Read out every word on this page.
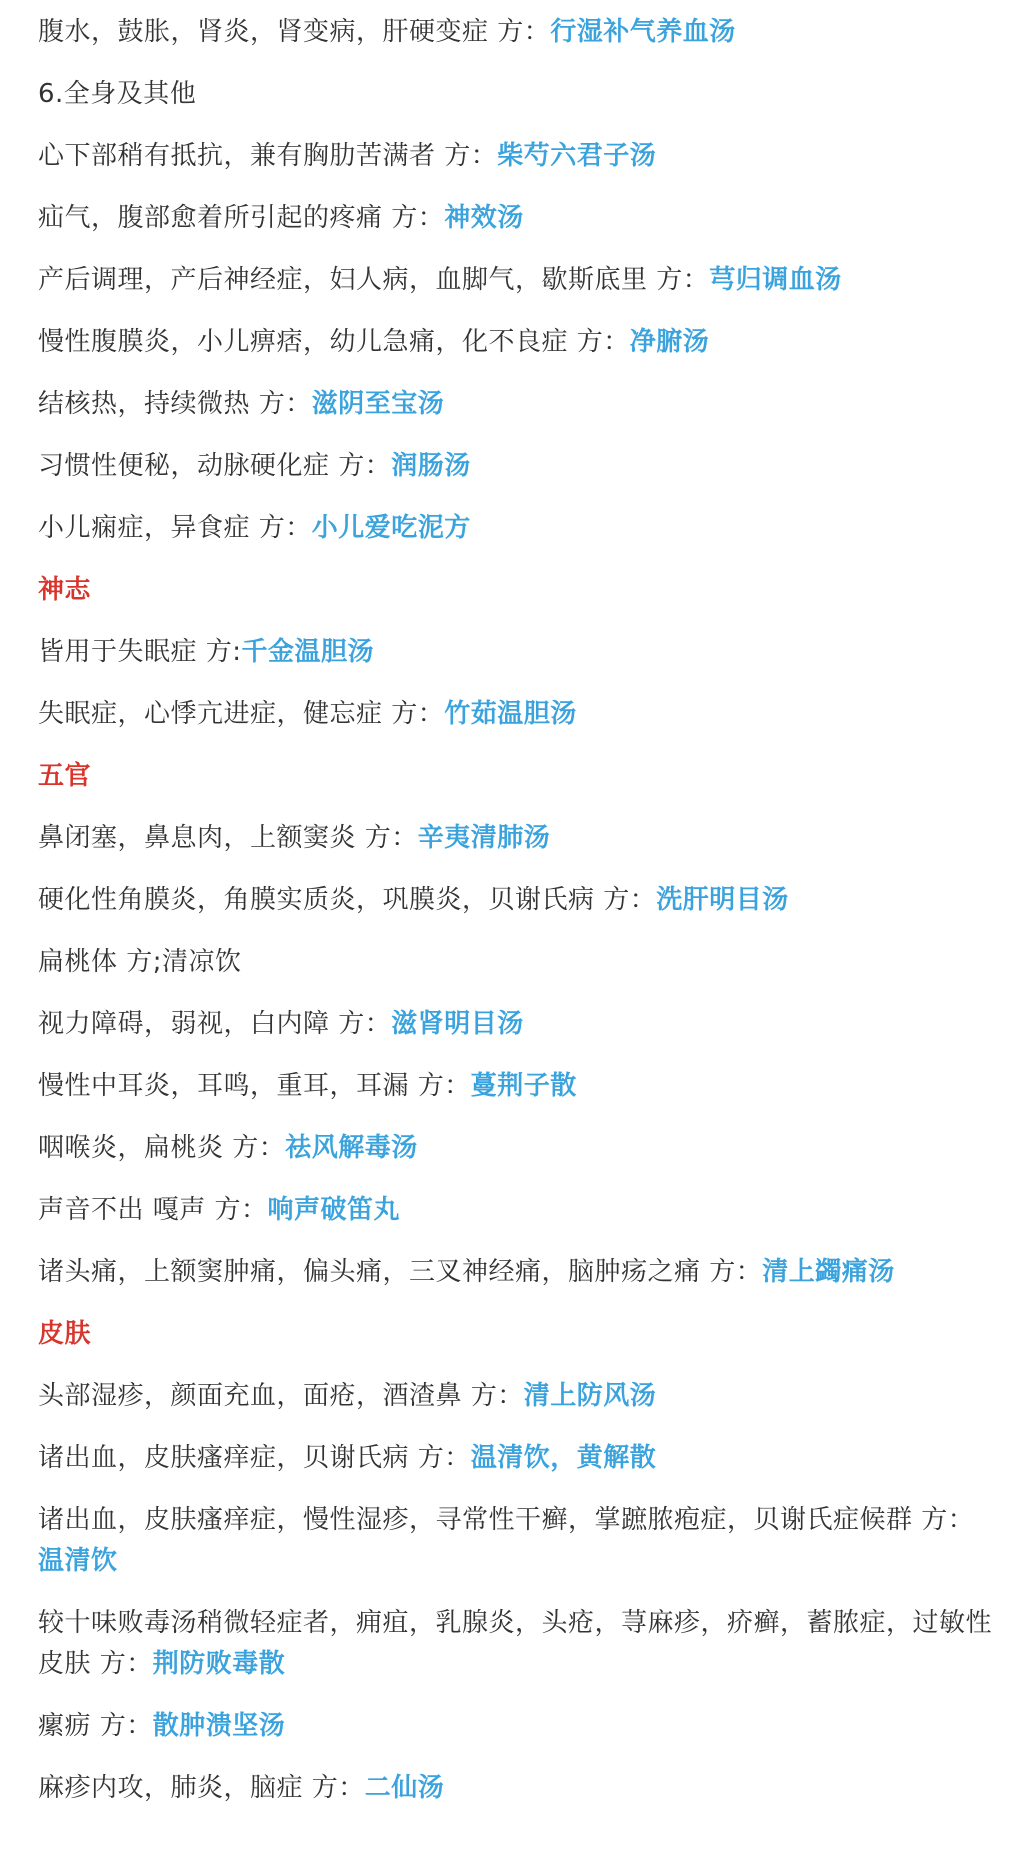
腹水，鼓胀，肾炎，肾变病，肝硬变症 方：行湿补气养血汤
6.全身及其他
心下部稍有抵抗，兼有胸肋苦满者 方：柴芍六君子汤
疝气，腹部愈着所引起的疼痛 方：神效汤
产后调理，产后神经症，妇人病，血脚气，歇斯底里 方：芎归调血汤
慢性腹膜炎，小儿痹痞，幼儿急痛，化不良症 方：净腑汤
结核热，持续微热 方：滋阴至宝汤
习惯性便秘，动脉硬化症 方：润肠汤
小儿痫症，异食症 方：小儿爱吃泥方
神志
皆用于失眠症 方:千金温胆汤
失眠症，心悸亢进症，健忘症 方：竹茹温胆汤
五官
鼻闭塞，鼻息肉，上额窦炎 方：辛夷清肺汤
硬化性角膜炎，角膜实质炎，巩膜炎，贝谢氏病 方：洗肝明目汤
扁桃体 方;清凉饮
视力障碍，弱视，白内障 方：滋肾明目汤
慢性中耳炎，耳鸣，重耳，耳漏 方：蔓荆子散
咽喉炎，扁桃炎 方：祛风解毒汤
声音不出 嘎声 方：响声破笛丸
诸头痛，上额窦肿痛，偏头痛，三叉神经痛，脑肿疡之痛 方：清上蠲痛汤
皮肤
头部湿疹，颜面充血，面疮，酒渣鼻 方：清上防风汤
诸出血，皮肤瘙痒症，贝谢氏病 方：温清饮，黄解散
诸出血，皮肤瘙痒症，慢性湿疹，寻常性干癣，掌蹠脓疱症，贝谢氏症候群 方：温清饮
较十味败毒汤稍微轻症者，痈疽，乳腺炎，头疮，荨麻疹，疥癣，蓄脓症，过敏性皮肤 方：荆防败毒散
瘰疬 方：散肿溃坚汤
麻疹内攻，肺炎，脑症 方：二仙汤
